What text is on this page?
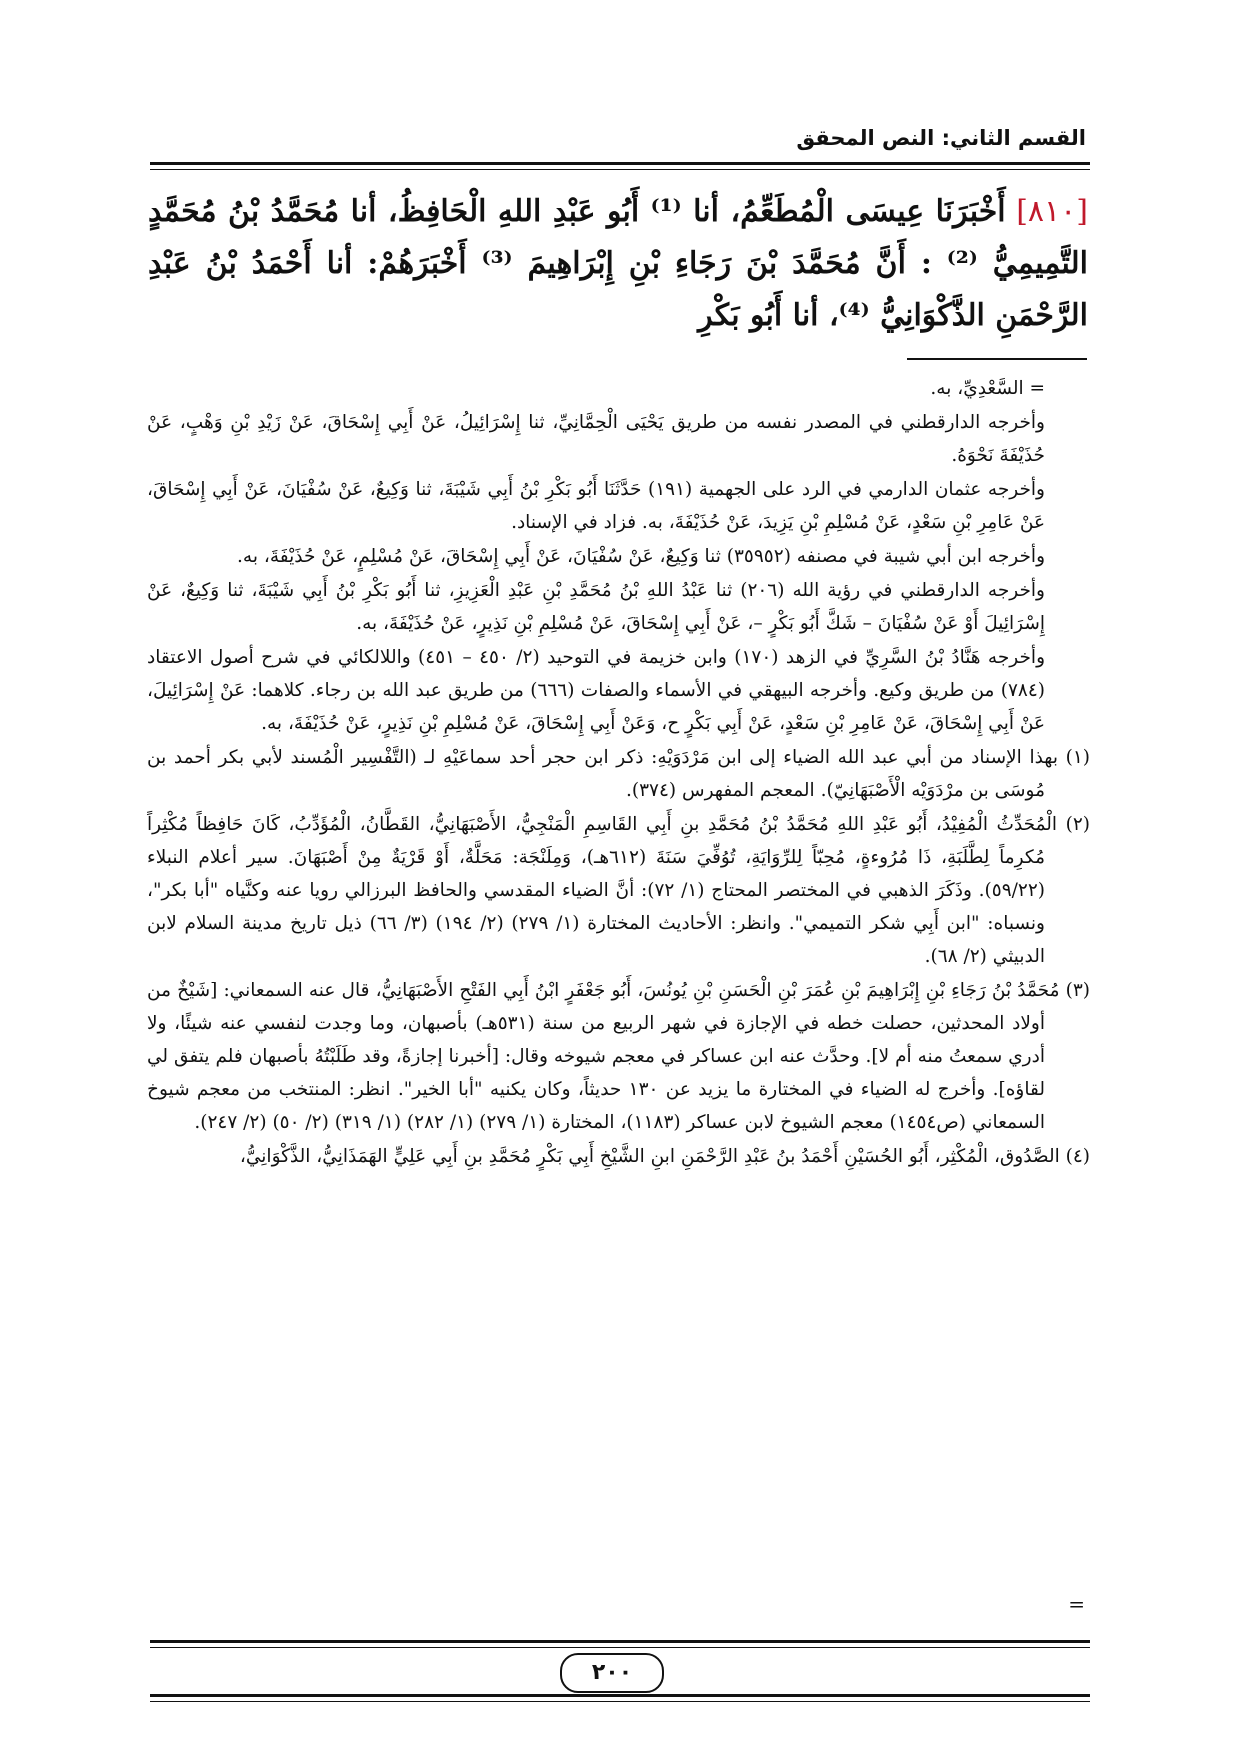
القسم الثاني: النص المحقق

[٨١٠] أَخْبَرَنَا عِيسَى الْمُطَعِّمُ، أنا ⁽¹⁾ أَبُو عَبْدِ اللهِ الْحَافِظُ، أنا مُحَمَّدُ بْنُ مُحَمَّدٍ التَّمِيمِيُّ ⁽²⁾ : أَنَّ مُحَمَّدَ بْنَ رَجَاءِ بْنِ إِبْرَاهِيمَ ⁽³⁾ أَخْبَرَهُمْ: أنا أَحْمَدُ بْنُ عَبْدِ الرَّحْمَنِ الذَّكْوَانِيُّ ⁽⁴⁾، أنا أَبُو بَكْرِ

= السَّعْدِيِّ، به.

وأخرجه الدارقطني في المصدر نفسه من طريق يَحْيَى الْحِمَّانِيِّ، ثنا إِسْرَائِيلُ، عَنْ أَبِي إِسْحَاقَ، عَنْ زَيْدِ بْنِ وَهْبٍ، عَنْ حُذَيْفَةَ نَحْوَهُ.

وأخرجه عثمان الدارمي في الرد على الجهمية (١٩١) حَدَّثَنَا أَبُو بَكْرِ بْنُ أَبِي شَيْبَةَ، ثنا وَكِيعٌ، عَنْ سُفْيَانَ، عَنْ أَبِي إِسْحَاقَ، عَنْ عَامِرِ بْنِ سَعْدٍ، عَنْ مُسْلِمِ بْنِ يَزِيدَ، عَنْ حُذَيْفَةَ، به. فزاد في الإسناد.

وأخرجه ابن أبي شيبة في مصنفه (٣٥٩٥٢) ثنا وَكِيعٌ، عَنْ سُفْيَانَ، عَنْ أَبِي إِسْحَاقَ، عَنْ مُسْلِمٍ، عَنْ حُذَيْفَةَ، به.

وأخرجه الدارقطني في رؤية الله (٢٠٦) ثنا عَبْدُ اللهِ بْنُ مُحَمَّدِ بْنِ عَبْدِ الْعَزِيزِ، ثنا أَبُو بَكْرِ بْنُ أَبِي شَيْبَةَ، ثنا وَكِيعٌ، عَنْ إِسْرَائِيلَ أَوْ عَنْ سُفْيَانَ – شَكَّ أَبُو بَكْرٍ –، عَنْ أَبِي إِسْحَاقَ، عَنْ مُسْلِمِ بْنِ نَذِيرٍ، عَنْ حُذَيْفَةَ، به.

وأخرجه هَنَّادُ بْنُ السَّرِيِّ في الزهد (١٧٠) وابن خزيمة في التوحيد (٢/ ٤٥٠ – ٤٥١) واللالكائي في شرح أصول الاعتقاد (٧٨٤) من طريق وكيع. وأخرجه البيهقي في الأسماء والصفات (٦٦٦) من طريق عبد الله بن رجاء. كلاهما: عَنْ إِسْرَائِيلَ، عَنْ أَبِي إِسْحَاقَ، عَنْ عَامِرِ بْنِ سَعْدٍ، عَنْ أَبِي بَكْرٍ ح، وَعَنْ أَبِي إِسْحَاقَ، عَنْ مُسْلِمِ بْنِ نَذِيرٍ، عَنْ حُذَيْفَةَ، به.

(١) بهذا الإسناد من أبي عبد الله الضياء إلى ابن مَرْدَوَيْهِ: ذكر ابن حجر أحد سماعَيْهِ لـ (التَّفْسِير الْمُسند لأبي بكر أحمد بن مُوسَى بن مرْدَوَيْه الْأَصْبَهَانِيّ). المعجم المفهرس (٣٧٤).

(٢) الْمُحَدِّثُ الْمُفِيْدُ، أَبُو عَبْدِ اللهِ مُحَمَّدُ بْنُ مُحَمَّدِ بنِ أَبِي القَاسِمِ الْمَنْجِيُّ، الأَصْبَهَانِيُّ، القَطَّانُ، الْمُؤَدِّبُ، كَانَ حَافِظاً مُكْثِراً مُكرِماً لِطَّلَبَةِ، ذَا مُرُوءةٍ، مُحِبّاً لِلرِّوَايَةِ، تُوُفِّيَ سَنَةَ (٦١٢هـ)، وَمِلَنْجَة: مَحَلَّةٌ، أَوْ قَرْيَةٌ مِنْ أَصْبَهَانَ. سير أعلام النبلاء (٥٩/٢٢). وذَكَرَ الذهبي في المختصر المحتاج (١/ ٧٢): أنَّ الضياء المقدسي والحافظ البرزالي رويا عنه وكنَّياه "أبا بكر"، ونسباه: "ابن أَبِي شكر التميمي". وانظر: الأحاديث المختارة (١/ ٢٧٩) (٢/ ١٩٤) (٣/ ٦٦) ذيل تاريخ مدينة السلام لابن الدبيثي (٢/ ٦٨).

(٣) مُحَمَّدُ بْنُ رَجَاءِ بْنِ إِبْرَاهِيمَ بْنِ عُمَرَ بْنِ الْحَسَنِ بْنِ يُونُسَ، أَبُو جَعْفَرٍ ابْنُ أَبِي الفَتْحِ الأَصْبَهَانِيُّ، قال عنه السمعاني: [شَيْخٌ من أولاد المحدثين، حصلت خطه في الإجازة في شهر الربيع من سنة (٥٣١هـ) بأصبهان، وما وجدت لنفسي عنه شيئًا، ولا أدري سمعتُ منه أم لا]. وحدَّث عنه ابن عساكر في معجم شيوخه وقال: [أخبرنا إجازةً، وقد طَلَبْتُهُ بأصبهان فلم يتفق لي لقاؤه]. وأخرج له الضياء في المختارة ما يزيد عن ١٣٠ حديثاً، وكان يكنيه "أبا الخير". انظر: المنتخب من معجم شيوخ السمعاني (ص١٤٥٤) معجم الشيوخ لابن عساكر (١١٨٣)، المختارة (١/ ٢٧٩) (١/ ٢٨٢) (١/ ٣١٩) (٢/ ٥٠) (٢/ ٢٤٧).

(٤) الصَّدُوق، الْمُكْثِر، أَبُو الحُسَيْنِ أَحْمَدُ بنُ عَبْدِ الرَّحْمَنِ ابنِ الشَّيْخِ أَبِي بَكْرٍ مُحَمَّدِ بنِ أَبِي عَلِيٍّ الهَمَذَانِيُّ، الذَّكْوَانِيُّ،

=
٢٠٠
